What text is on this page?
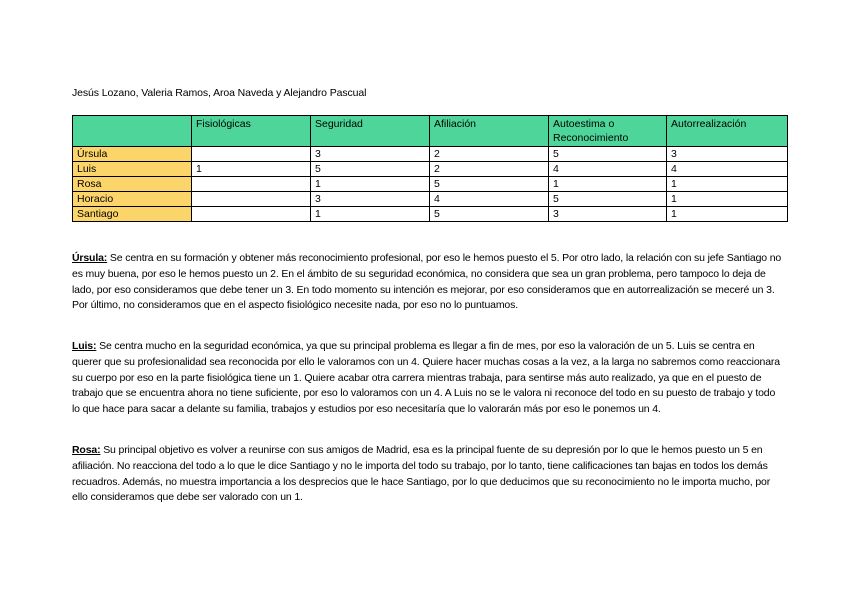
Jesús Lozano, Valeria Ramos, Aroa Naveda y Alejandro Pascual
	Fisiológicas	Seguridad	Afiliación	Autoestima o Reconocimiento	Autorrealización
Úrsula		3	2	5	3
Luis	1	5	2	4	4
Rosa		1	5	1	1
Horacio		3	4	5	1
Santiago		1	5	3	1
Úrsula: Se centra en su formación y obtener más reconocimiento profesional, por eso le hemos puesto el 5. Por otro lado, la relación con su jefe Santiago no es muy buena, por eso le hemos puesto un 2. En el ámbito de su seguridad económica, no considera que sea un gran problema, pero tampoco lo deja de lado, por eso consideramos que debe tener un 3. En todo momento su intención es mejorar, por eso consideramos que en autorrealización se meceré un 3. Por último, no consideramos que en el aspecto fisiológico necesite nada, por eso no lo puntuamos.
Luis: Se centra mucho en la seguridad económica, ya que su principal problema es llegar a fin de mes, por eso la valoración de un 5. Luis se centra en querer que su profesionalidad sea reconocida por ello le valoramos con un 4. Quiere hacer muchas cosas a la vez, a la larga no sabremos como reaccionara su cuerpo por eso en la parte fisiológica tiene un 1. Quiere acabar otra carrera mientras trabaja, para sentirse más auto realizado, ya que en el puesto de trabajo que se encuentra ahora no tiene suficiente, por eso lo valoramos con un 4. A Luis no se le valora ni reconoce del todo en su puesto de trabajo y todo lo que hace para sacar a delante su familia, trabajos y estudios por eso necesitaría que lo valorarán más por eso le ponemos un 4.
Rosa: Su principal objetivo es volver a reunirse con sus amigos de Madrid, esa es la principal fuente de su depresión por lo que le hemos puesto un 5 en afiliación. No reacciona del todo a lo que le dice Santiago y no le importa del todo su trabajo, por lo tanto, tiene calificaciones tan bajas en todos los demás recuadros. Además, no muestra importancia a los desprecios que le hace Santiago, por lo que deducimos que su reconocimiento no le importa mucho, por ello consideramos que debe ser valorado con un 1.
